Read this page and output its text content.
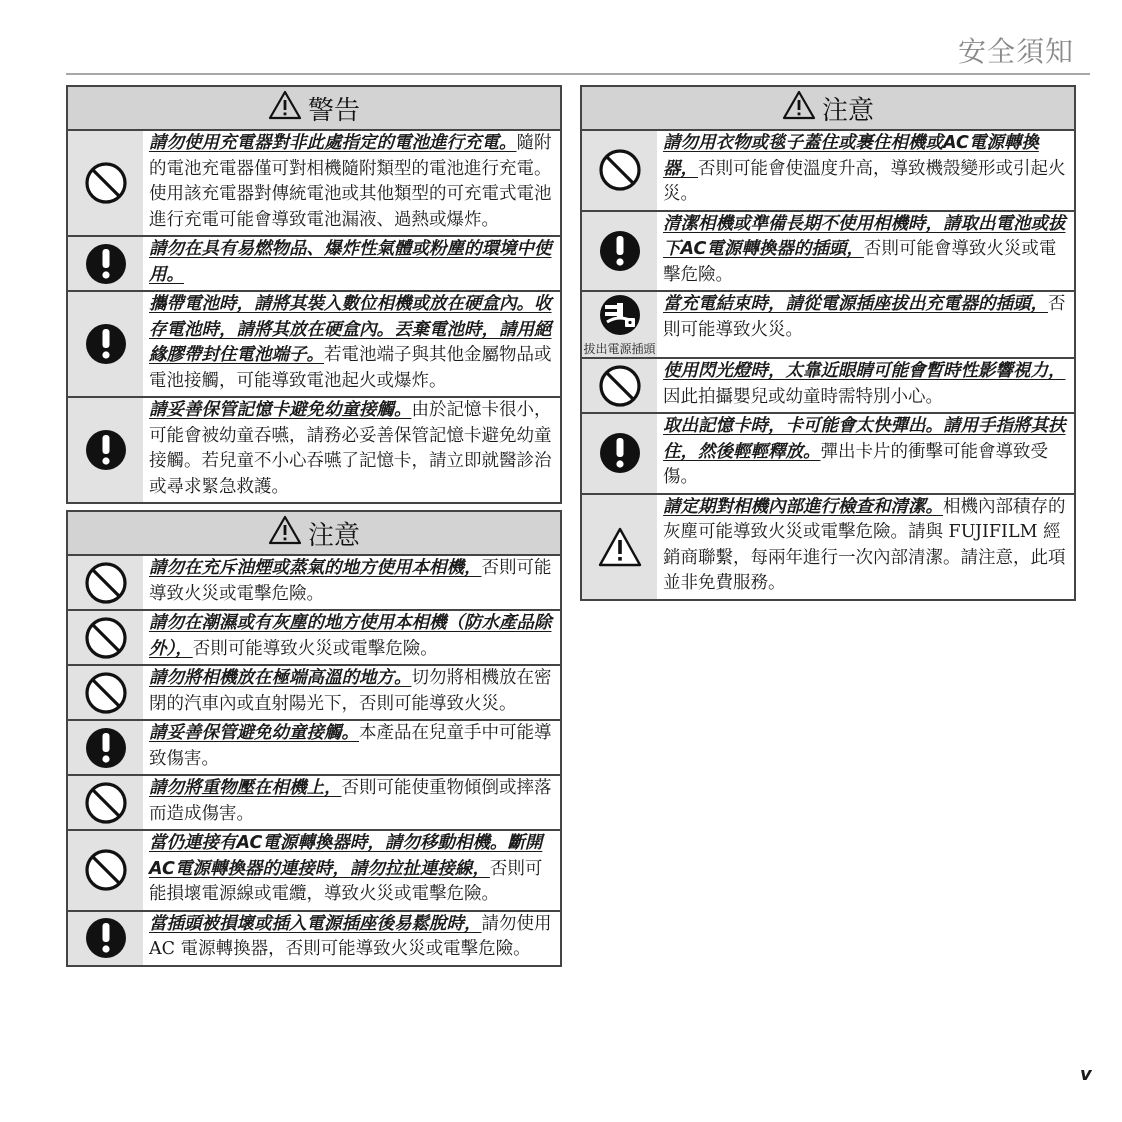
安全須知
警告
請勿使用充電器對非此處指定的電池進行充電。隨附的電池充電器僅可對相機隨附類型的電池進行充電。使用該充電器對傳統電池或其他類型的可充電式電池進行充電可能會導致電池漏液、過熱或爆炸。
請勿在具有易燃物品、爆炸性氣體或粉塵的環境中使用。
攜帶電池時，請將其裝入數位相機或放在硬盒內。收存電池時，請將其放在硬盒內。丟棄電池時，請用絕緣膠帶封住電池端子。若電池端子與其他金屬物品或電池接觸，可能導致電池起火或爆炸。
請妥善保管記憶卡避免幼童接觸。由於記憶卡很小，可能會被幼童吞嚥，請務必妥善保管記憶卡避免幼童接觸。若兒童不小心吞嚥了記憶卡，請立即就醫診治或尋求緊急救護。
注意
請勿在充斥油煙或蒸氣的地方使用本相機，否則可能導致火災或電擊危險。
請勿在潮濕或有灰塵的地方使用本相機（防水產品除外），否則可能導致火災或電擊危險。
請勿將相機放在極端高溫的地方。切勿將相機放在密閉的汽車內或直射陽光下，否則可能導致火災。
請妥善保管避免幼童接觸。本產品在兒童手中可能導致傷害。
請勿將重物壓在相機上，否則可能使重物傾倒或摔落而造成傷害。
當仍連接有AC電源轉換器時，請勿移動相機。斷開AC電源轉換器的連接時，請勿拉扯連接線，否則可能損壞電源線或電纜，導致火災或電擊危險。
當插頭被損壞或插入電源插座後易鬆脫時，請勿使用 AC 電源轉換器，否則可能導致火災或電擊危險。
注意
請勿用衣物或毯子蓋住或裹住相機或AC電源轉換器，否則可能會使溫度升高，導致機殼變形或引起火災。
清潔相機或準備長期不使用相機時，請取出電池或拔下AC電源轉換器的插頭，否則可能會導致火災或電擊危險。
拔出電源插頭
當充電結束時，請從電源插座拔出充電器的插頭，否則可能導致火災。
使用閃光燈時，太靠近眼睛可能會暫時性影響視力，因此拍攝嬰兒或幼童時需特別小心。
取出記憶卡時，卡可能會太快彈出。請用手指將其扶住，然後輕輕釋放。彈出卡片的衝擊可能會導致受傷。
請定期對相機內部進行檢查和清潔。相機內部積存的灰塵可能導致火災或電擊危險。請與 FUJIFILM 經銷商聯繫，每兩年進行一次內部清潔。請注意，此項並非免費服務。
v
